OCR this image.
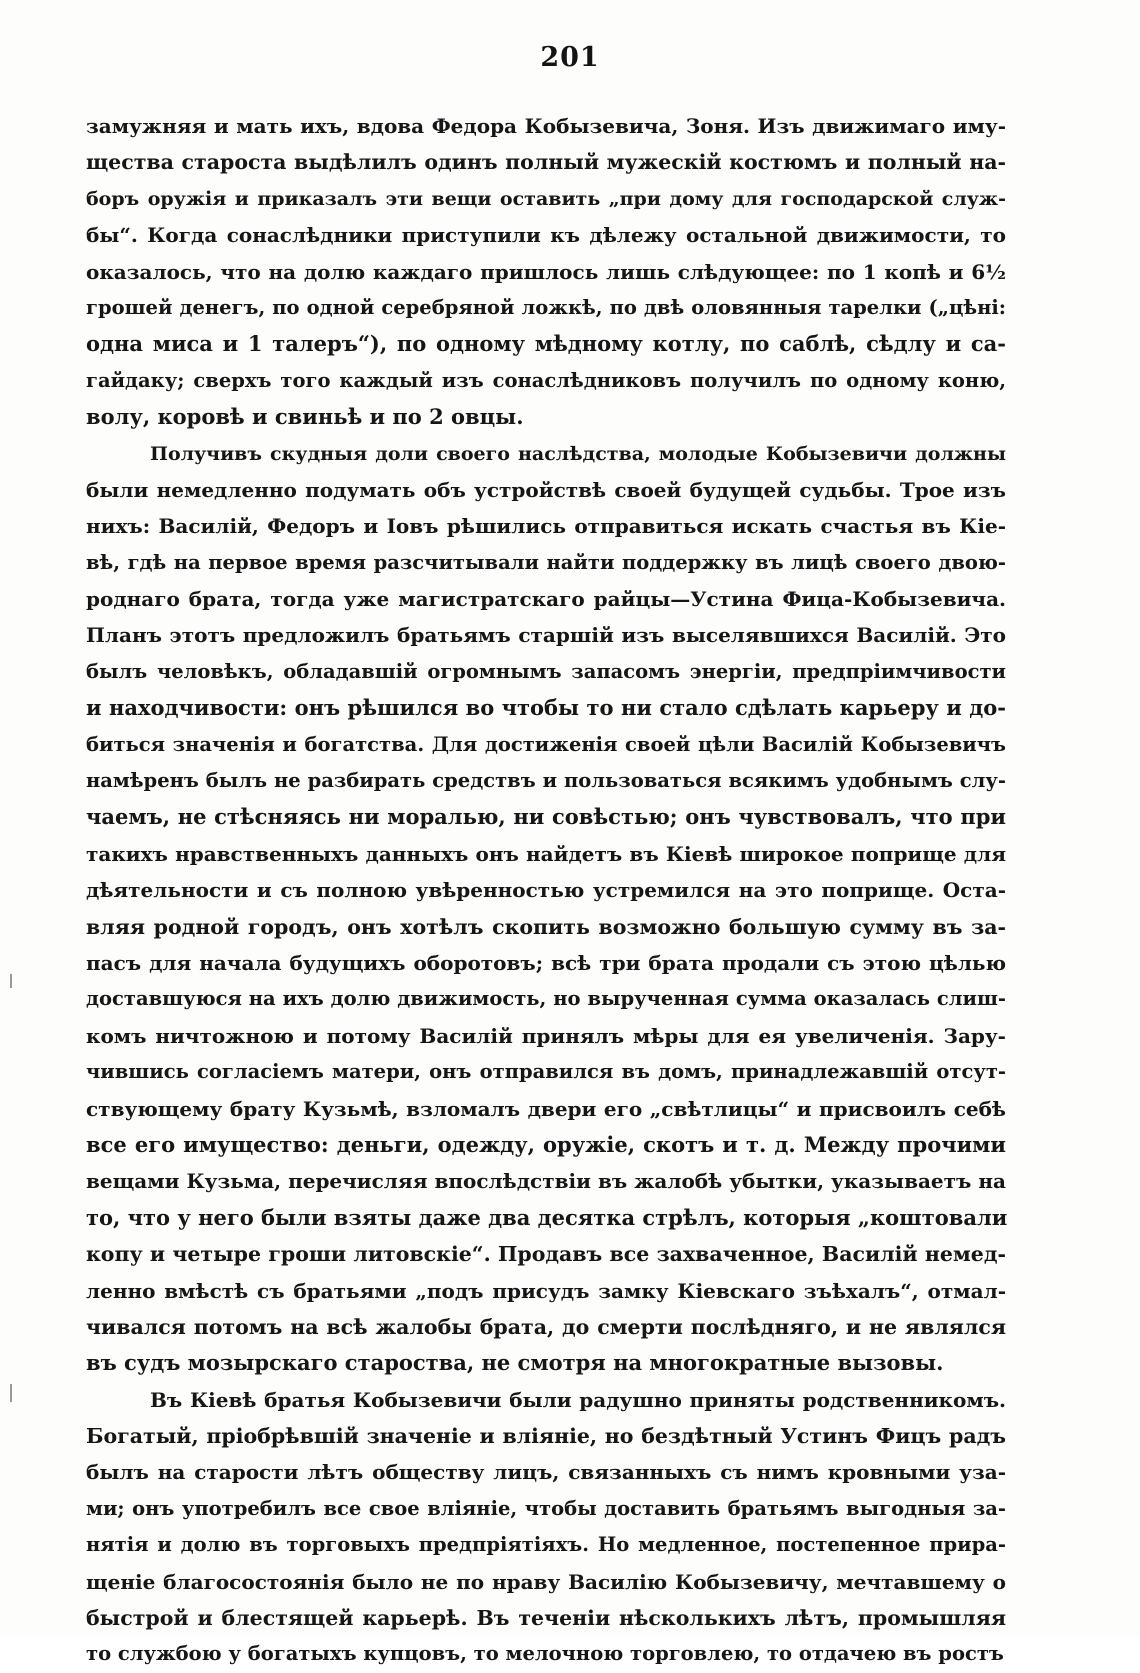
201
замужняя и мать ихъ, вдова Федора Кобызевича, Зоня. Изъ движимаго иму-
щества староста выдѣлилъ одинъ полный мужескій костюмъ и полный на-
боръ оружія и приказалъ эти вещи оставить „при дому для господарской служ-
бы“. Когда сонаслѣдники приступили къ дѣлежу остальной движимости, то
оказалось, что на долю каждаго пришлось лишь слѣдующее: по 1 копѣ и 6½
грошей денегъ, по одной серебряной ложкѣ, по двѣ оловянныя тарелки („цѣні:
одна миса и 1 талеръ“), по одному мѣдному котлу, по саблѣ, сѣдлу и са-
гайдаку; сверхъ того каждый изъ сонаслѣдниковъ получилъ по одному коню,
волу, коровѣ и свиньѣ и по 2 овцы.
Получивъ скудныя доли своего наслѣдства, молодые Кобызевичи должны
были немедленно подумать объ устройствѣ своей будущей судьбы. Трое изъ
нихъ: Василій, Федоръ и Іовъ рѣшились отправиться искать счастья въ Кіе-
вѣ, гдѣ на первое время разсчитывали найти поддержку въ лицѣ своего двою-
роднаго брата, тогда уже магистратскаго райцы—Устина Фица-Кобызевича.
Планъ этотъ предложилъ братьямъ старшій изъ выселявшихся Василій. Это
былъ человѣкъ, обладавшій огромнымъ запасомъ энергіи, предпріимчивости
и находчивости: онъ рѣшился во чтобы то ни стало сдѣлать карьеру и до-
биться значенія и богатства. Для достиженія своей цѣли Василій Кобызевичъ
намѣренъ былъ не разбирать средствъ и пользоваться всякимъ удобнымъ слу-
чаемъ, не стѣсняясь ни моралью, ни совѣстью; онъ чувствовалъ, что при
такихъ нравственныхъ данныхъ онъ найдетъ въ Кіевѣ широкое поприще для
дѣятельности и съ полною увѣренностью устремился на это поприще. Оста-
вляя родной городъ, онъ хотѣлъ скопить возможно большую сумму въ за-
пасъ для начала будущихъ оборотовъ; всѣ три брата продали съ этою цѣлью
доставшуюся на ихъ долю движимость, но вырученная сумма оказалась слиш-
комъ ничтожною и потому Василій принялъ мѣры для ея увеличенія. Зару-
чившись согласіемъ матери, онъ отправился въ домъ, принадлежавшій отсут-
ствующему брату Кузьмѣ, взломалъ двери его „свѣтлицы“ и присвоилъ себѣ
все его имущество: деньги, одежду, оружіе, скотъ и т. д. Между прочими
вещами Кузьма, перечисляя впослѣдствіи въ жалобѣ убытки, указываетъ на
то, что у него были взяты даже два десятка стрѣлъ, которыя „коштовали
копу и четыре гроши литовскіе“. Продавъ все захваченное, Василій немед-
ленно вмѣстѣ съ братьями „подъ присудъ замку Кіевскаго зъѣхалъ“, отмал-
чивался потомъ на всѣ жалобы брата, до смерти послѣдняго, и не являлся
въ судъ мозырскаго староства, не смотря на многократные вызовы.
Въ Кіевѣ братья Кобызевичи были радушно приняты родственникомъ.
Богатый, пріобрѣвшій значеніе и вліяніе, но бездѣтный Устинъ Фицъ радъ
былъ на старости лѣтъ обществу лицъ, связанныхъ съ нимъ кровными уза-
ми; онъ употребилъ все свое вліяніе, чтобы доставить братьямъ выгодныя за-
нятія и долю въ торговыхъ предпріятіяхъ. Но медленное, постепенное прира-
щеніе благосостоянія было не по нраву Василію Кобызевичу, мечтавшему о
быстрой и блестящей карьерѣ. Въ теченіи нѣсколькихъ лѣтъ, промышляя
то службою у богатыхъ купцовъ, то мелочною торговлею, то отдачею въ ростъ
